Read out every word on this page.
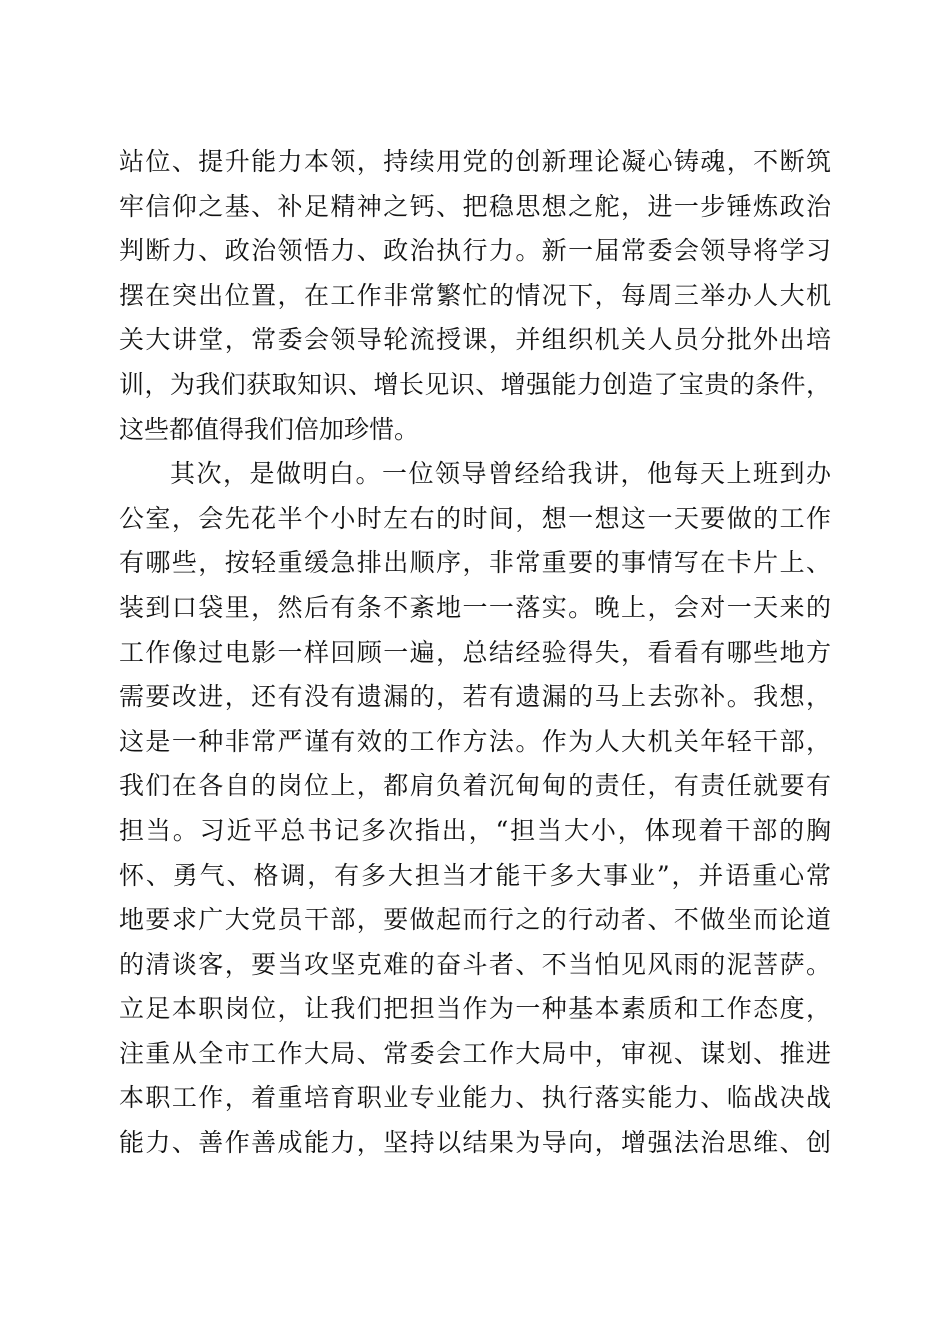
站位、提升能力本领，持续用党的创新理论凝心铸魂，不断筑
牢信仰之基、补足精神之钙、把稳思想之舵，进一步锤炼政治
判断力、政治领悟力、政治执行力。新一届常委会领导将学习
摆在突出位置，在工作非常繁忙的情况下，每周三举办人大机
关大讲堂，常委会领导轮流授课，并组织机关人员分批外出培
训，为我们获取知识、增长见识、增强能力创造了宝贵的条件，
这些都值得我们倍加珍惜。
其次，是做明白。一位领导曾经给我讲，他每天上班到办
公室，会先花半个小时左右的时间，想一想这一天要做的工作
有哪些，按轻重缓急排出顺序，非常重要的事情写在卡片上、
装到口袋里，然后有条不紊地一一落实。晚上，会对一天来的
工作像过电影一样回顾一遍，总结经验得失，看看有哪些地方
需要改进，还有没有遗漏的，若有遗漏的马上去弥补。我想，
这是一种非常严谨有效的工作方法。作为人大机关年轻干部，
我们在各自的岗位上，都肩负着沉甸甸的责任，有责任就要有
担当。习近平总书记多次指出，“担当大小，体现着干部的胸
怀、勇气、格调，有多大担当才能干多大事业”，并语重心常
地要求广大党员干部，要做起而行之的行动者、不做坐而论道
的清谈客，要当攻坚克难的奋斗者、不当怕见风雨的泥菩萨。
立足本职岗位，让我们把担当作为一种基本素质和工作态度，
注重从全市工作大局、常委会工作大局中，审视、谋划、推进
本职工作，着重培育职业专业能力、执行落实能力、临战决战
能力、善作善成能力，坚持以结果为导向，增强法治思维、创
